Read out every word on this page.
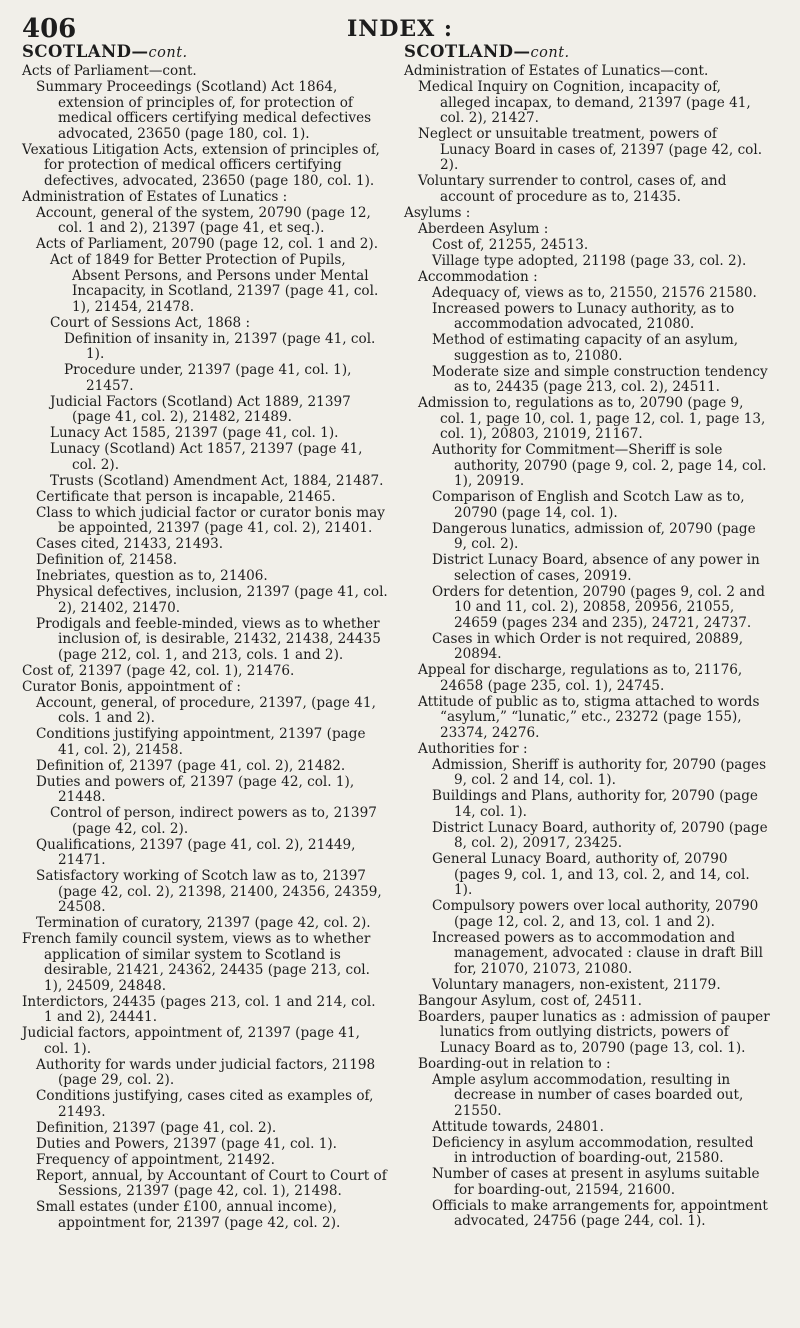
406	INDEX :
SCOTLAND—cont.
Acts of Parliament—cont.
Summary Proceedings (Scotland) Act 1864, extension of principles of, for protection of medical officers certifying medical defectives advocated, 23650 (page 180, col. 1).
Vexatious Litigation Acts, extension of principles of, for protection of medical officers certifying defectives, advocated, 23650 (page 180, col. 1).
Administration of Estates of Lunatics :
Account, general of the system, 20790 (page 12, col. 1 and 2), 21397 (page 41, et seq.).
Acts of Parliament, 20790 (page 12, col. 1 and 2).
Act of 1849 for Better Protection of Pupils, Absent Persons, and Persons under Mental Incapacity, in Scotland, 21397 (page 41, col. 1), 21454, 21478.
Court of Sessions Act, 1868 :
Definition of insanity in, 21397 (page 41, col. 1).
Procedure under, 21397 (page 41, col. 1), 21457.
Judicial Factors (Scotland) Act 1889, 21397 (page 41, col. 2), 21482, 21489.
Lunacy Act 1585, 21397 (page 41, col. 1).
Lunacy (Scotland) Act 1857, 21397 (page 41, col. 2).
Trusts (Scotland) Amendment Act, 1884, 21487.
Certificate that person is incapable, 21465.
Class to which judicial factor or curator bonis may be appointed, 21397 (page 41, col. 2), 21401.
Cases cited, 21433, 21493.
Definition of, 21458.
Inebriates, question as to, 21406.
Physical defectives, inclusion, 21397 (page 41, col. 2), 21402, 21470.
Prodigals and feeble-minded, views as to whether inclusion of, is desirable, 21432, 21438, 24435 (page 212, col. 1, and 213, cols. 1 and 2).
Cost of, 21397 (page 42, col. 1), 21476.
Curator Bonis, appointment of :
Account, general, of procedure, 21397, (page 41, cols. 1 and 2).
Conditions justifying appointment, 21397 (page 41, col. 2), 21458.
Definition of, 21397 (page 41, col. 2), 21482.
Duties and powers of, 21397 (page 42, col. 1), 21448.
Control of person, indirect powers as to, 21397 (page 42, col. 2).
Qualifications, 21397 (page 41, col. 2), 21449, 21471.
Satisfactory working of Scotch law as to, 21397 (page 42, col. 2), 21398, 21400, 24356, 24359, 24508.
Termination of curatory, 21397 (page 42, col. 2).
French family council system, views as to whether application of similar system to Scotland is desirable, 21421, 24362, 24435 (page 213, col. 1), 24509, 24848.
Interdictors, 24435 (pages 213, col. 1 and 214, col. 1 and 2), 24441.
Judicial factors, appointment of, 21397 (page 41, col. 1).
Authority for wards under judicial factors, 21198 (page 29, col. 2).
Conditions justifying, cases cited as examples of, 21493.
Definition, 21397 (page 41, col. 2).
Duties and Powers, 21397 (page 41, col. 1).
Frequency of appointment, 21492.
Report, annual, by Accountant of Court to Court of Sessions, 21397 (page 42, col. 1), 21498.
Small estates (under £100, annual income), appointment for, 21397 (page 42, col. 2).
SCOTLAND—cont.
Administration of Estates of Lunatics—cont.
Medical Inquiry on Cognition, incapacity of, alleged incapax, to demand, 21397 (page 41, col. 2), 21427.
Neglect or unsuitable treatment, powers of Lunacy Board in cases of, 21397 (page 42, col. 2).
Voluntary surrender to control, cases of, and account of procedure as to, 21435.
Asylums :
Aberdeen Asylum :
Cost of, 21255, 24513.
Village type adopted, 21198 (page 33, col. 2).
Accommodation :
Adequacy of, views as to, 21550, 21576 21580.
Increased powers to Lunacy authority, as to accommodation advocated, 21080.
Method of estimating capacity of an asylum, suggestion as to, 21080.
Moderate size and simple construction tendency as to, 24435 (page 213, col. 2), 24511.
Admission to, regulations as to, 20790 (page 9, col. 1, page 10, col. 1, page 12, col. 1, page 13, col. 1), 20803, 21019, 21167.
Authority for Commitment—Sheriff is sole authority, 20790 (page 9, col. 2, page 14, col. 1), 20919.
Comparison of English and Scotch Law as to, 20790 (page 14, col. 1).
Dangerous lunatics, admission of, 20790 (page 9, col. 2).
District Lunacy Board, absence of any power in selection of cases, 20919.
Orders for detention, 20790 (pages 9, col. 2 and 10 and 11, col. 2), 20858, 20956, 21055, 24659 (pages 234 and 235), 24721, 24737.
Cases in which Order is not required, 20889, 20894.
Appeal for discharge, regulations as to, 21176, 24658 (page 235, col. 1), 24745.
Attitude of public as to, stigma attached to words “asylum,” “lunatic,” etc., 23272 (page 155), 23374, 24276.
Authorities for :
Admission, Sheriff is authority for, 20790 (pages 9, col. 2 and 14, col. 1).
Buildings and Plans, authority for, 20790 (page 14, col. 1).
District Lunacy Board, authority of, 20790 (page 8, col. 2), 20917, 23425.
General Lunacy Board, authority of, 20790 (pages 9, col. 1, and 13, col. 2, and 14, col. 1).
Compulsory powers over local authority, 20790 (page 12, col. 2, and 13, col. 1 and 2).
Increased powers as to accommodation and management, advocated : clause in draft Bill for, 21070, 21073, 21080.
Voluntary managers, non-existent, 21179.
Bangour Asylum, cost of, 24511.
Boarders, pauper lunatics as : admission of pauper lunatics from outlying districts, powers of Lunacy Board as to, 20790 (page 13, col. 1).
Boarding-out in relation to :
Ample asylum accommodation, resulting in decrease in number of cases boarded out, 21550.
Attitude towards, 24801.
Deficiency in asylum accommodation, resulted in introduction of boarding-out, 21580.
Number of cases at present in asylums suitable for boarding-out, 21594, 21600.
Officials to make arrangements for, appointment advocated, 24756 (page 244, col. 1).
